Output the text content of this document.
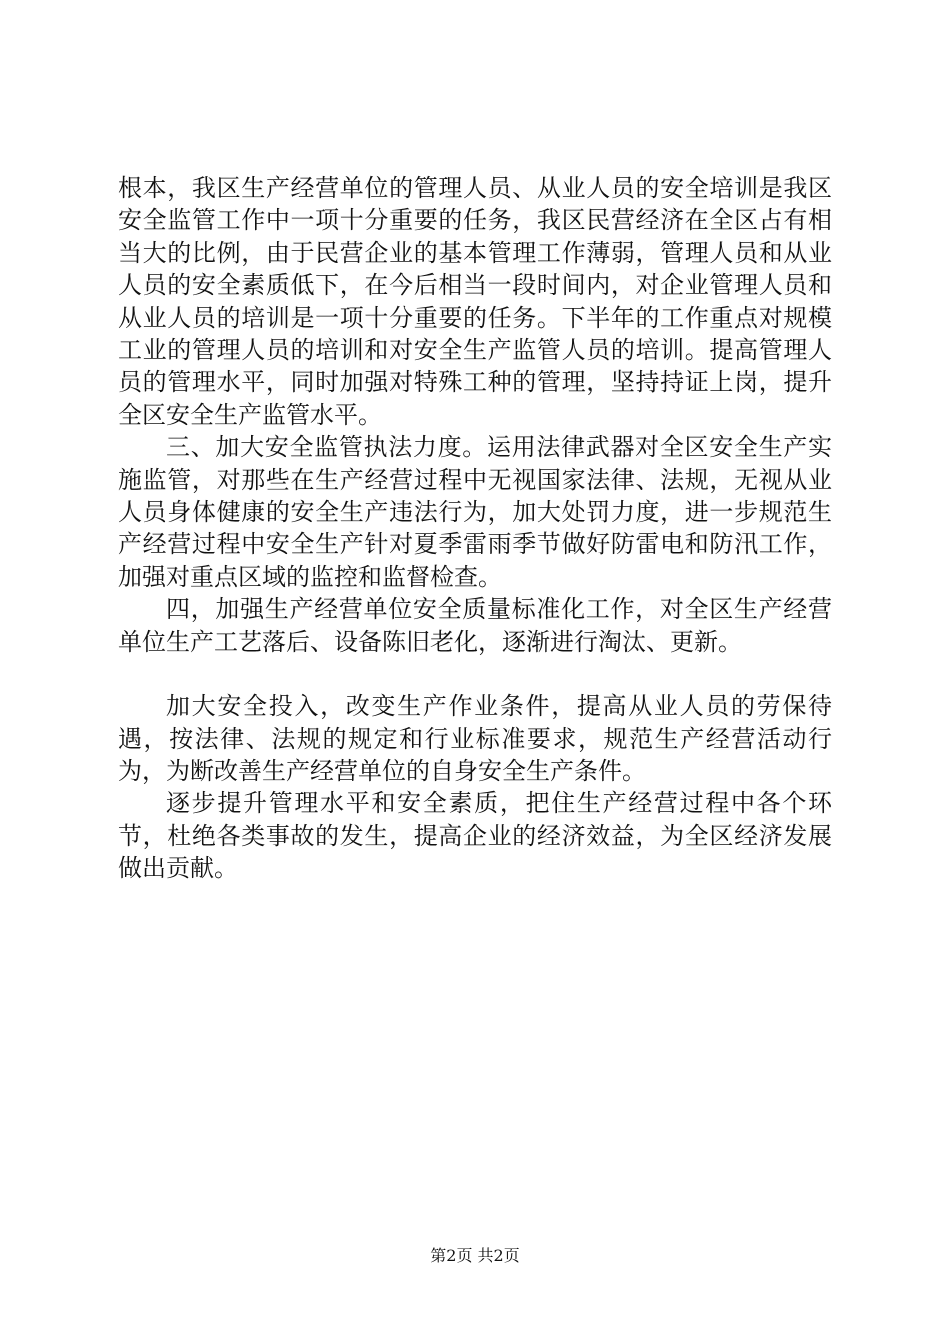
根本，我区生产经营单位的管理人员、从业人员的安全培训是我区安全监管工作中一项十分重要的任务，我区民营经济在全区占有相当大的比例，由于民营企业的基本管理工作薄弱，管理人员和从业人员的安全素质低下，在今后相当一段时间内，对企业管理人员和从业人员的培训是一项十分重要的任务。下半年的工作重点对规模工业的管理人员的培训和对安全生产监管人员的培训。提高管理人员的管理水平，同时加强对特殊工种的管理，坚持持证上岗，提升全区安全生产监管水平。

三、加大安全监管执法力度。运用法律武器对全区安全生产实施监管，对那些在生产经营过程中无视国家法律、法规，无视从业人员身体健康的安全生产违法行为，加大处罚力度，进一步规范生产经营过程中安全生产针对夏季雷雨季节做好防雷电和防汛工作，加强对重点区域的监控和监督检查。

四，加强生产经营单位安全质量标准化工作，对全区生产经营单位生产工艺落后、设备陈旧老化，逐渐进行淘汰、更新。

加大安全投入，改变生产作业条件，提高从业人员的劳保待遇，按法律、法规的规定和行业标准要求，规范生产经营活动行为，为断改善生产经营单位的自身安全生产条件。

逐步提升管理水平和安全素质，把住生产经营过程中各个环节，杜绝各类事故的发生，提高企业的经济效益，为全区经济发展做出贡献。

第2页 共2页
